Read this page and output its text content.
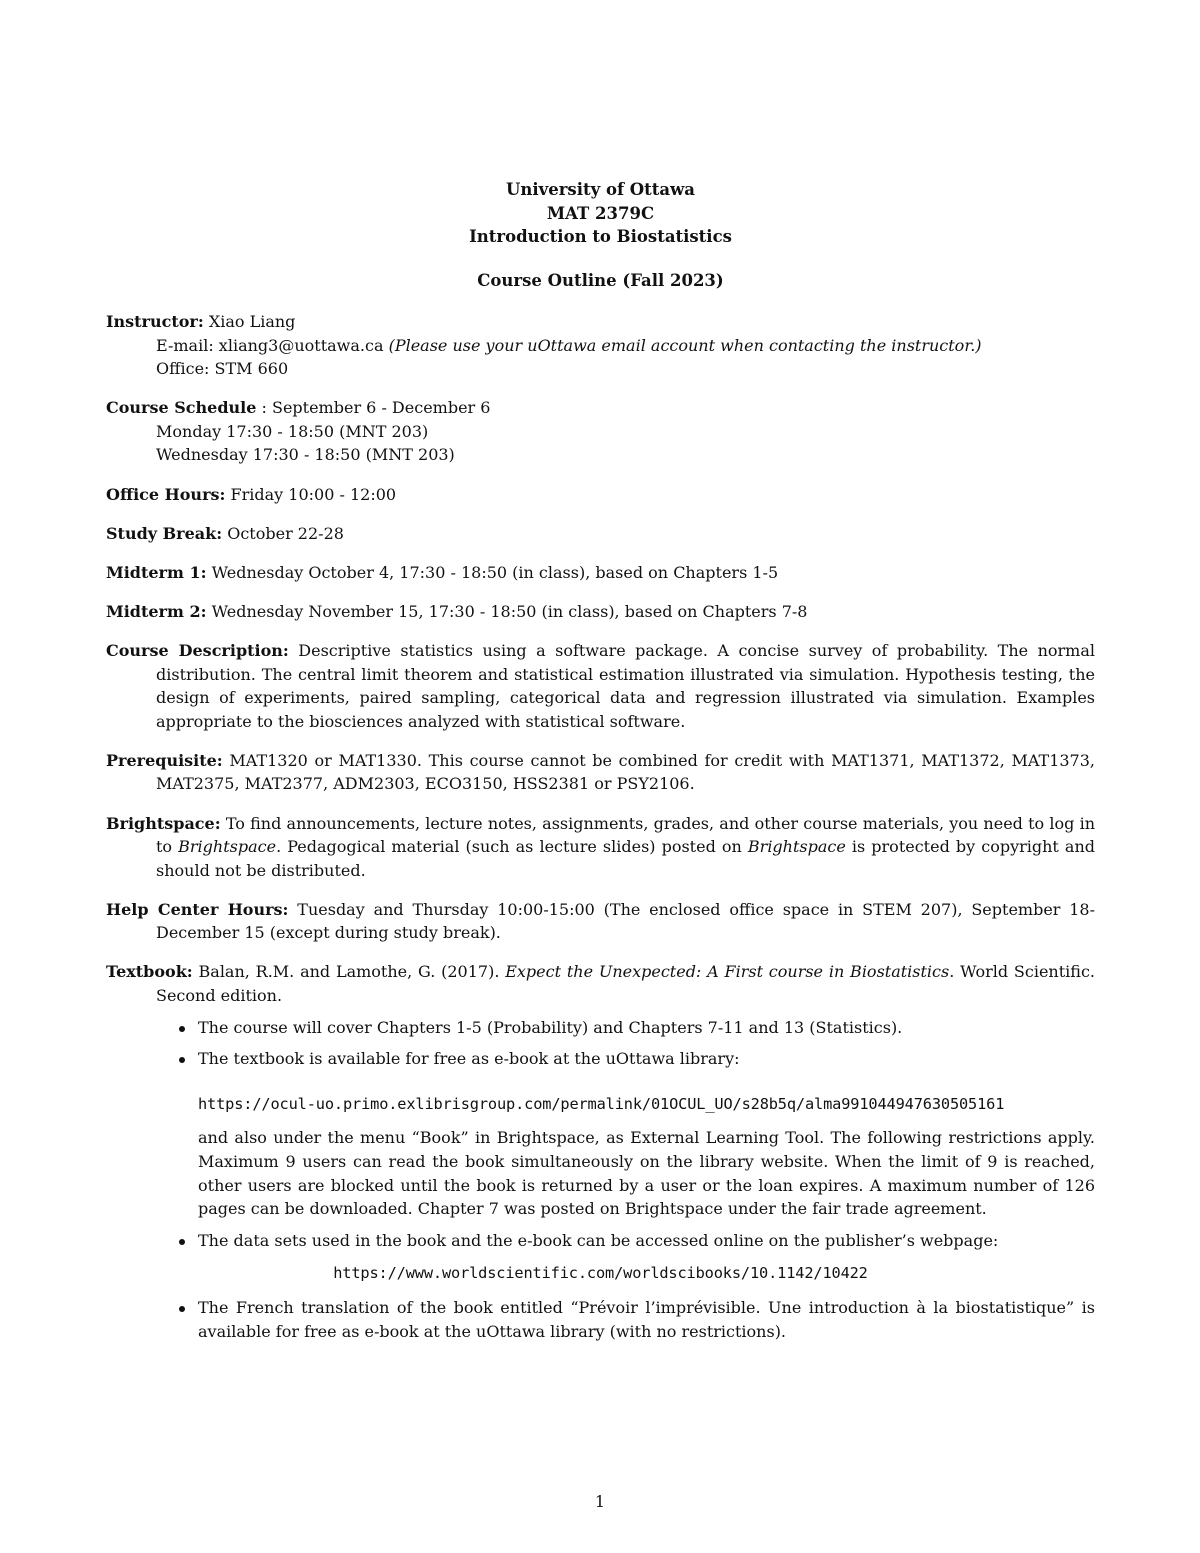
University of Ottawa
MAT 2379C
Introduction to Biostatistics
Course Outline (Fall 2023)
Instructor: Xiao Liang
E-mail: xliang3@uottawa.ca (Please use your uOttawa email account when contacting the instructor.)
Office: STM 660
Course Schedule : September 6 - December 6
Monday 17:30 - 18:50 (MNT 203)
Wednesday 17:30 - 18:50 (MNT 203)
Office Hours: Friday 10:00 - 12:00
Study Break: October 22-28
Midterm 1: Wednesday October 4, 17:30 - 18:50 (in class), based on Chapters 1-5
Midterm 2: Wednesday November 15, 17:30 - 18:50 (in class), based on Chapters 7-8
Course Description: Descriptive statistics using a software package. A concise survey of probability. The normal distribution. The central limit theorem and statistical estimation illustrated via simulation. Hypothesis testing, the design of experiments, paired sampling, categorical data and regression illustrated via simulation. Examples appropriate to the biosciences analyzed with statistical software.
Prerequisite: MAT1320 or MAT1330. This course cannot be combined for credit with MAT1371, MAT1372, MAT1373, MAT2375, MAT2377, ADM2303, ECO3150, HSS2381 or PSY2106.
Brightspace: To find announcements, lecture notes, assignments, grades, and other course materials, you need to log in to Brightspace. Pedagogical material (such as lecture slides) posted on Brightspace is protected by copyright and should not be distributed.
Help Center Hours: Tuesday and Thursday 10:00-15:00 (The enclosed office space in STEM 207), September 18-December 15 (except during study break).
Textbook: Balan, R.M. and Lamothe, G. (2017). Expect the Unexpected: A First course in Biostatistics. World Scientific. Second edition.
The course will cover Chapters 1-5 (Probability) and Chapters 7-11 and 13 (Statistics).
The textbook is available for free as e-book at the uOttawa library:
https://ocul-uo.primo.exlibrisgroup.com/permalink/01OCUL_UO/s28b5q/alma991044947630505161
and also under the menu “Book” in Brightspace, as External Learning Tool. The following restrictions apply. Maximum 9 users can read the book simultaneously on the library website. When the limit of 9 is reached, other users are blocked until the book is returned by a user or the loan expires. A maximum number of 126 pages can be downloaded. Chapter 7 was posted on Brightspace under the fair trade agreement.
The data sets used in the book and the e-book can be accessed online on the publisher’s webpage:
https://www.worldscientific.com/worldscibooks/10.1142/10422
The French translation of the book entitled “Prévoir l’imprévisible. Une introduction à la biostatistique” is available for free as e-book at the uOttawa library (with no restrictions).
1
